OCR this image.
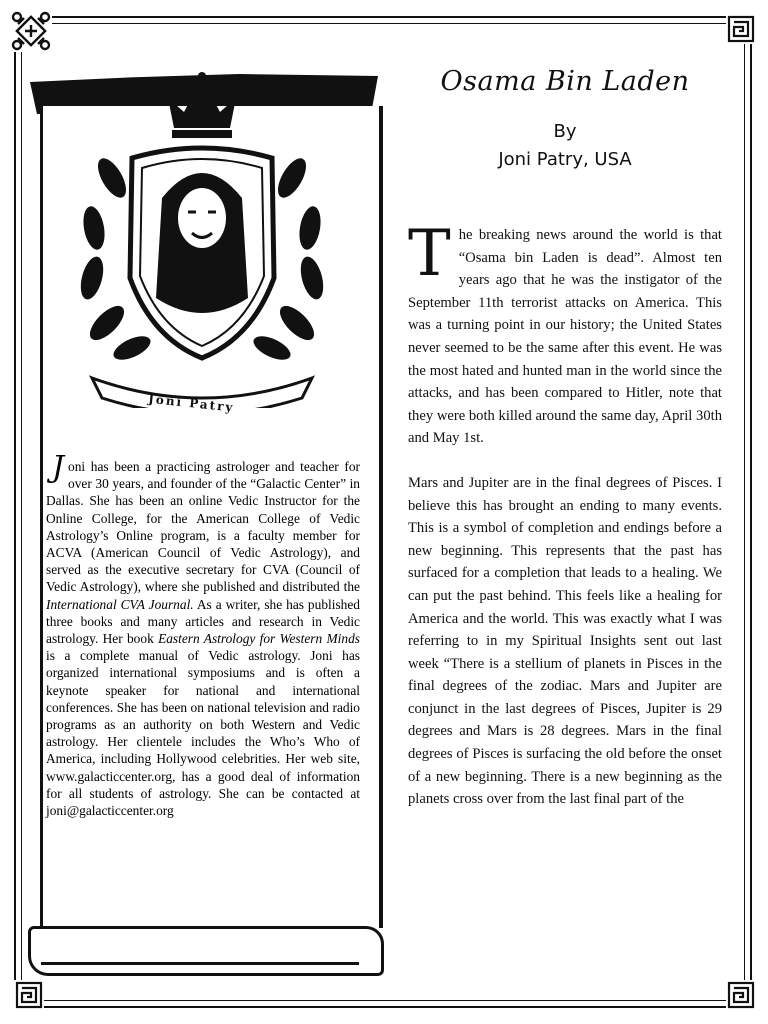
Joni Patry
Joni has been a practicing astrologer and teacher for over 30 years, and founder of the “Galactic Center” in Dallas. She has been an online Vedic Instructor for the Online College, for the American College of Vedic Astrology’s Online program, is a faculty member for ACVA (American Council of Vedic Astrology), and served as the executive secretary for CVA (Council of Vedic Astrology), where she published and distributed the International CVA Journal. As a writer, she has published three books and many articles and research in Vedic astrology. Her book Eastern Astrology for Western Minds is a complete manual of Vedic astrology. Joni has organized international symposiums and is often a keynote speaker for national and international conferences. She has been on national television and radio programs as an authority on both Western and Vedic astrology. Her clientele includes the Who’s Who of America, including Hollywood celebrities. Her web site, www.galacticcenter.org, has a good deal of information for all students of astrology. She can be contacted at joni@galacticcenter.org
Osama Bin Laden
By
Joni Patry, USA

The breaking news around the world is that “Osama bin Laden is dead”. Almost ten years ago that he was the instigator of the September 11th terrorist attacks on America. This was a turning point in our history; the United States never seemed to be the same after this event. He was the most hated and hunted man in the world since the attacks, and has been compared to Hitler, note that they were both killed around the same day, April 30th and May 1st.

Mars and Jupiter are in the final degrees of Pisces. I believe this has brought an ending to many events. This is a symbol of completion and endings before a new beginning. This represents that the past has surfaced for a completion that leads to a healing. We can put the past behind. This feels like a healing for America and the world. This was exactly what I was referring to in my Spiritual Insights sent out last week “There is a stellium of planets in Pisces in the final degrees of the zodiac. Mars and Jupiter are conjunct in the last degrees of Pisces, Jupiter is 29 degrees and Mars is 28 degrees. Mars in the final degrees of Pisces is surfacing the old before the onset of a new beginning. There is a new beginning as the planets cross over from the last final part of the
